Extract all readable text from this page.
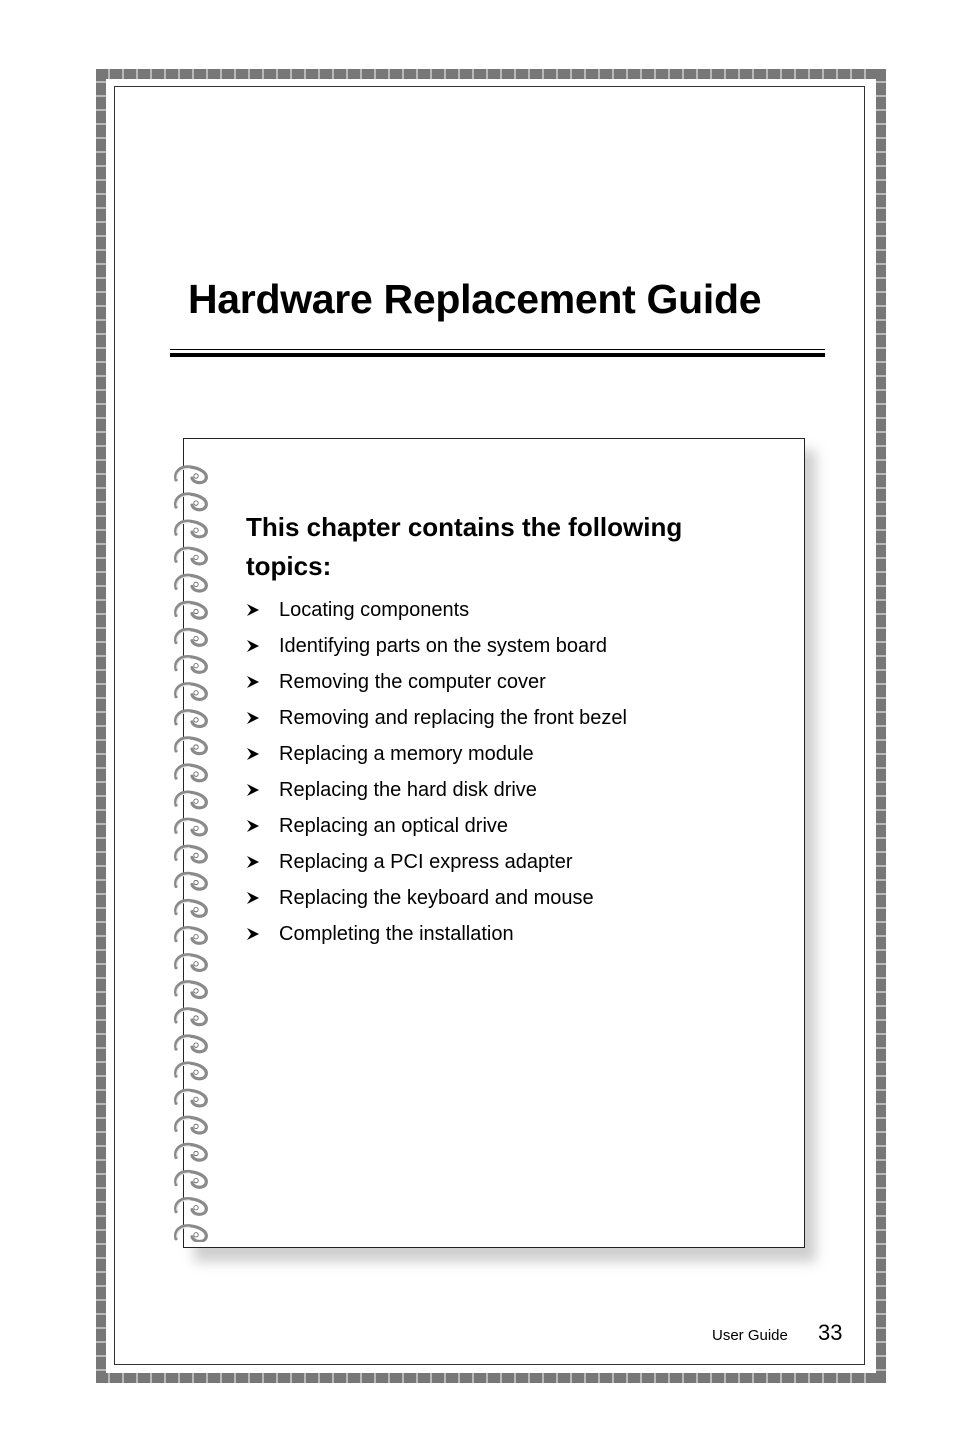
Hardware Replacement Guide
This chapter contains the following topics:
Locating components
Identifying parts on the system board
Removing the computer cover
Removing and replacing the front bezel
Replacing a memory module
Replacing the hard disk drive
Replacing an optical drive
Replacing a PCI express adapter
Replacing the keyboard and mouse
Completing the installation
User Guide 33
